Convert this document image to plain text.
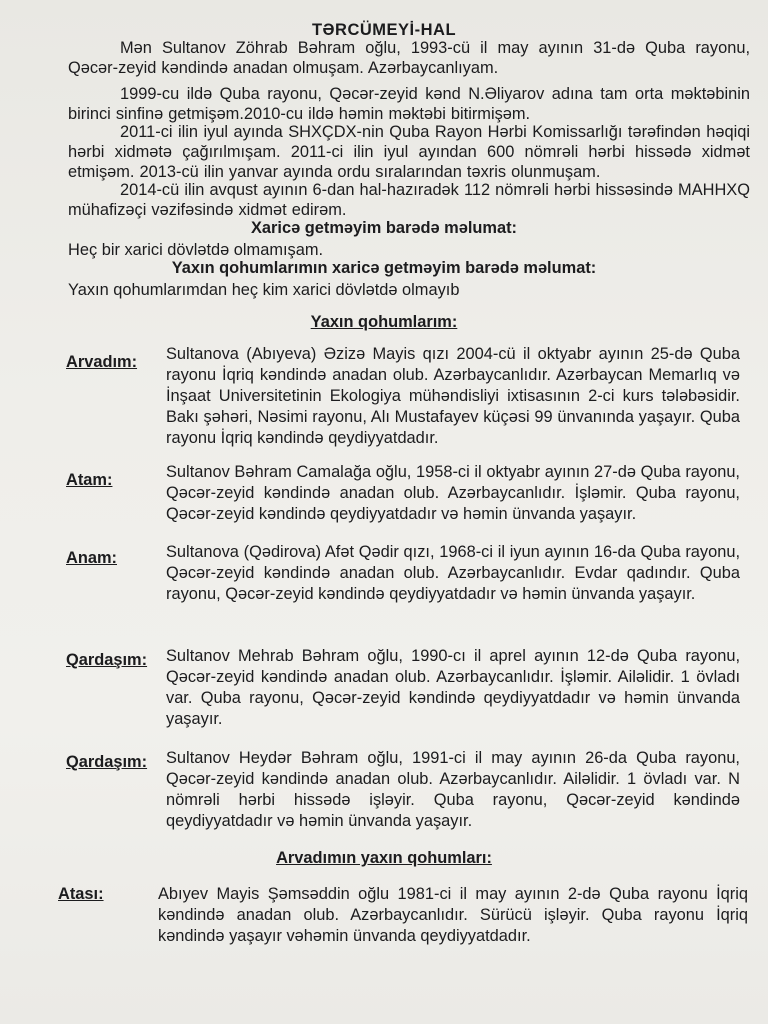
TƏRCÜMEYİ-HAL
Mən Sultanov Zöhrab Bəhram oğlu, 1993-cü il may ayının 31-də Quba rayonu, Qəcər-zeyid kəndində anadan olmuşam. Azərbaycanlıyam.
1999-cu ildə Quba rayonu, Qəcər-zeyid kənd N.Əliyarov adına tam orta məktəbinin birinci sinfinə getmişəm.2010-cu ildə həmin məktəbi bitirmişəm.
2011-ci ilin iyul ayında SHXÇDX-nin Quba Rayon Hərbi Komissarlığı tərəfindən həqiqi hərbi xidmətə çağırılmışam. 2011-ci ilin iyul ayından 600 nömrəli hərbi hissədə xidmət etmişəm. 2013-cü ilin yanvar ayında ordu sıralarından təxris olunmuşam.
2014-cü ilin avqust ayının 6-dan hal-hazıradək 112 nömrəli hərbi hissəsində MAHHXQ mühafizəçi vəzifəsində xidmət edirəm.
Xaricə getməyim barədə məlumat:
Heç bir xarici dövlətdə olmamışam.
Yaxın qohumlarımın xaricə getməyim barədə məlumat:
Yaxın qohumlarımdan heç kim xarici dövlətdə olmayıb
Yaxın qohumlarım:
Arvadım: Sultanova (Abıyeva) Əzizə Mayis qızı 2004-cü il oktyabr ayının 25-də Quba rayonu İqriq kəndində anadan olub. Azərbaycanlıdır. Azərbaycan Memarlıq və İnşaat Universitetinin Ekologiya mühəndisliyi ixtisasının 2-ci kurs tələbəsidir. Bakı şəhəri, Nəsimi rayonu, Alı Mustafayev küçəsi 99 ünvanında yaşayır. Quba rayonu İqriq kəndində qeydiyyatdadır.
Atam:	Sultanov Bəhram Camalağa oğlu, 1958-ci il oktyabr ayının 27-də Quba rayonu, Qəcər-zeyid kəndində anadan olub. Azərbaycanlıdır. İşləmir. Quba rayonu, Qəcər-zeyid kəndində qeydiyyatdadır və həmin ünvanda yaşayır.
Anam:	Sultanova (Qədirova) Afət Qədir qızı, 1968-ci il iyun ayının 16-da Quba rayonu, Qəcər-zeyid kəndində anadan olub. Azərbaycanlıdır. Evdar qadındır. Quba rayonu, Qəcər-zeyid kəndində qeydiyyatdadır və həmin ünvanda yaşayır.
Qardaşım: Sultanov Mehrab Bəhram oğlu, 1990-cı il aprel ayının 12-də Quba rayonu, Qəcər-zeyid kəndində anadan olub. Azərbaycanlıdır. İşləmir. Ailəlidir. 1 övladı var. Quba rayonu, Qəcər-zeyid kəndində qeydiyyatdadır və həmin ünvanda yaşayır.
Qardaşım: Sultanov Heydər Bəhram oğlu, 1991-ci il may ayının 26-da Quba rayonu, Qəcər-zeyid kəndində anadan olub. Azərbaycanlıdır. Ailəlidir. 1 övladı var. N nömrəli hərbi hissədə işləyir. Quba rayonu, Qəcər-zeyid kəndində qeydiyyatdadır və həmin ünvanda yaşayır.
Arvadımın yaxın qohumları:
Atası:	Abıyev Mayis Şəmsəddin oğlu 1981-ci il may ayının 2-də Quba rayonu İqriq kəndində anadan olub. Azərbaycanlıdır. Sürücü işləyir. Quba rayonu İqriq kəndində yaşayır vəhəmin ünvanda qeydiyyatdadır.
